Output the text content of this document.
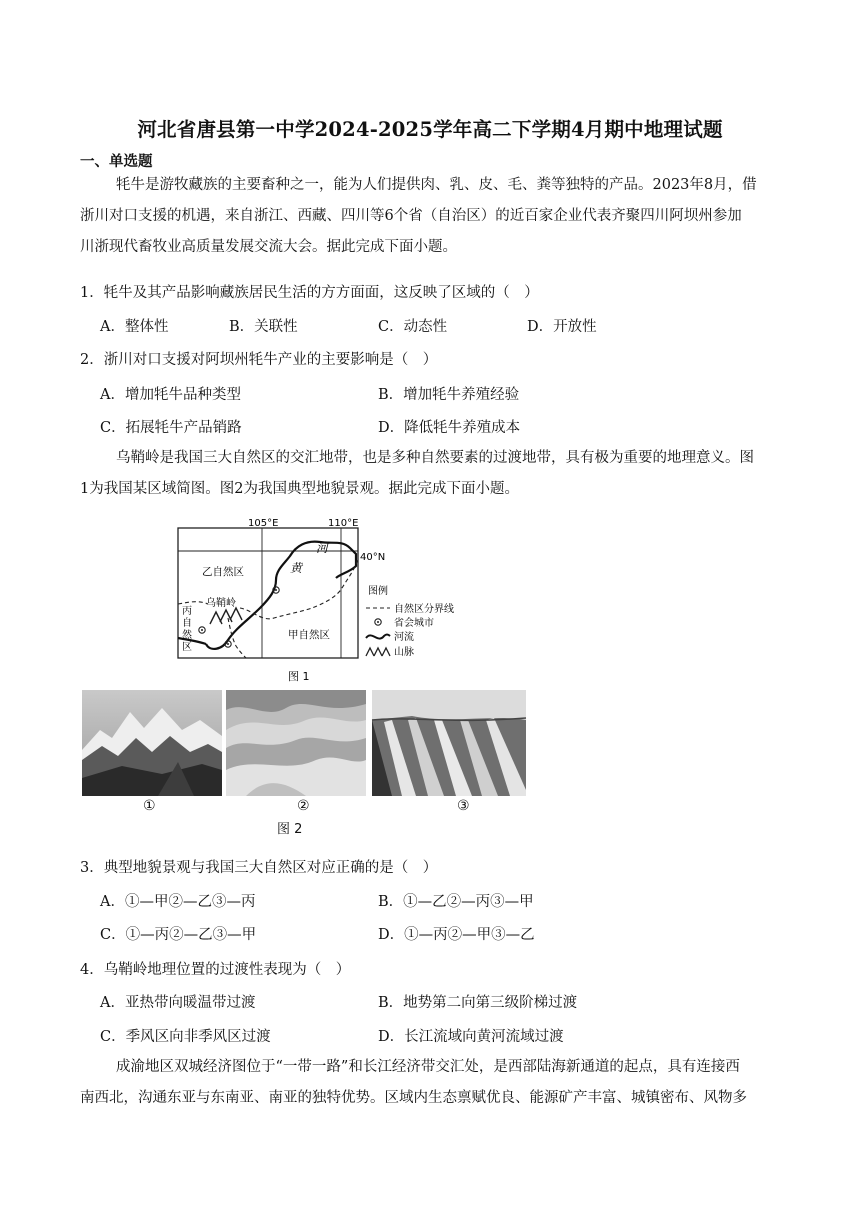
河北省唐县第一中学2024-2025学年高二下学期4月期中地理试题
一、单选题
牦牛是游牧藏族的主要畜种之一，能为人们提供肉、乳、皮、毛、粪等独特的产品。2023年8月，借
浙川对口支援的机遇，来自浙江、西藏、四川等6个省（自治区）的近百家企业代表齐聚四川阿坝州参加
川浙现代畜牧业高质量发展交流大会。据此完成下面小题。
1．牦牛及其产品影响藏族居民生活的方方面面，这反映了区域的（　）
A．整体性	B．关联性	C．动态性	D．开放性
2．浙川对口支援对阿坝州牦牛产业的主要影响是（　）
A．增加牦牛品种类型	B．增加牦牛养殖经验
C．拓展牦牛产品销路	D．降低牦牛养殖成本
乌鞘岭是我国三大自然区的交汇地带，也是多种自然要素的过渡地带，具有极为重要的地理意义。图
1为我国某区域简图。图2为我国典型地貌景观。据此完成下面小题。
105°E	110°E
40°N
河
黄
乙自然区
乌鞘岭
甲自然区
丙
自
然
区
图例
自然区分界线
省会城市
河流
山脉
图 1
①	②	③
图 2
3．典型地貌景观与我国三大自然区对应正确的是（　）
A．①—甲②—乙③—丙	B．①—乙②—丙③—甲
C．①—丙②—乙③—甲	D．①—丙②—甲③—乙
4．乌鞘岭地理位置的过渡性表现为（　）
A．亚热带向暖温带过渡	B．地势第二向第三级阶梯过渡
C．季风区向非季风区过渡	D．长江流域向黄河流域过渡
成渝地区双城经济图位于“一带一路”和长江经济带交汇处，是西部陆海新通道的起点，具有连接西
南西北，沟通东亚与东南亚、南亚的独特优势。区域内生态禀赋优良、能源矿产丰富、城镇密布、风物多
